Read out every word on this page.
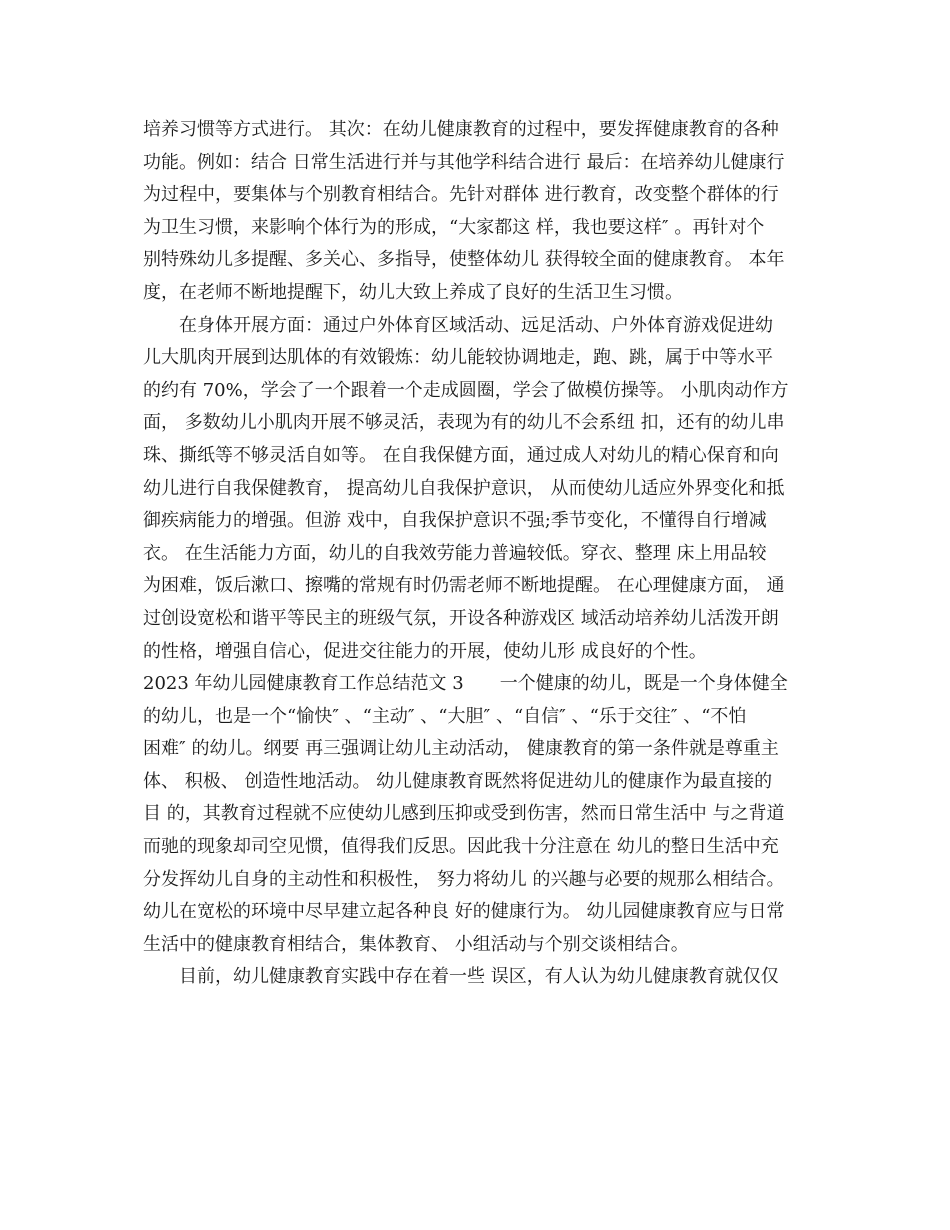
培养习惯等方式进行。 其次：在幼儿健康教育的过程中，要发挥健康教育的各种
功能。例如：结合 日常生活进行并与其他学科结合进行 最后：在培养幼儿健康行
为过程中，要集体与个别教育相结合。先针对群体 进行教育，改变整个群体的行
为卫生习惯，来影响个体行为的形成，“大家都这 样，我也要这样″ 。再针对个
别特殊幼儿多提醒、多关心、多指导，使整体幼儿 获得较全面的健康教育。 本年
度，在老师不断地提醒下，幼儿大致上养成了良好的生活卫生习惯。
在身体开展方面：通过户外体育区域活动、远足活动、户外体育游戏促进幼
儿大肌肉开展到达肌体的有效锻炼：幼儿能较协调地走，跑、跳，属于中等水平
的约有 70%，学会了一个跟着一个走成圆圈，学会了做模仿操等。 小肌肉动作方
面， 多数幼儿小肌肉开展不够灵活，表现为有的幼儿不会系纽 扣，还有的幼儿串
珠、撕纸等不够灵活自如等。 在自我保健方面，通过成人对幼儿的精心保育和向
幼儿进行自我保健教育， 提高幼儿自我保护意识， 从而使幼儿适应外界变化和抵
御疾病能力的增强。但游 戏中，自我保护意识不强;季节变化，不懂得自行增减
衣。 在生活能力方面，幼儿的自我效劳能力普遍较低。穿衣、整理 床上用品较
为困难，饭后漱口、擦嘴的常规有时仍需老师不断地提醒。 在心理健康方面， 通
过创设宽松和谐平等民主的班级气氛，开设各种游戏区 域活动培养幼儿活泼开朗
的性格，增强自信心，促进交往能力的开展，使幼儿形 成良好的个性。
2023 年幼儿园健康教育工作总结范文 3　　一个健康的幼儿，既是一个身体健全
的幼儿，也是一个“愉快″ 、“主动″ 、“大胆″ 、“自信″ 、“乐于交往″ 、“不怕
困难″ 的幼儿。纲要 再三强调让幼儿主动活动， 健康教育的第一条件就是尊重主
体、 积极、 创造性地活动。 幼儿健康教育既然将促进幼儿的健康作为最直接的
目 的，其教育过程就不应使幼儿感到压抑或受到伤害，然而日常生活中 与之背道
而驰的现象却司空见惯，值得我们反思。因此我十分注意在 幼儿的整日生活中充
分发挥幼儿自身的主动性和积极性， 努力将幼儿 的兴趣与必要的规那么相结合。
幼儿在宽松的环境中尽早建立起各种良 好的健康行为。 幼儿园健康教育应与日常
生活中的健康教育相结合，集体教育、 小组活动与个别交谈相结合。
目前，幼儿健康教育实践中存在着一些 误区，有人认为幼儿健康教育就仅仅
